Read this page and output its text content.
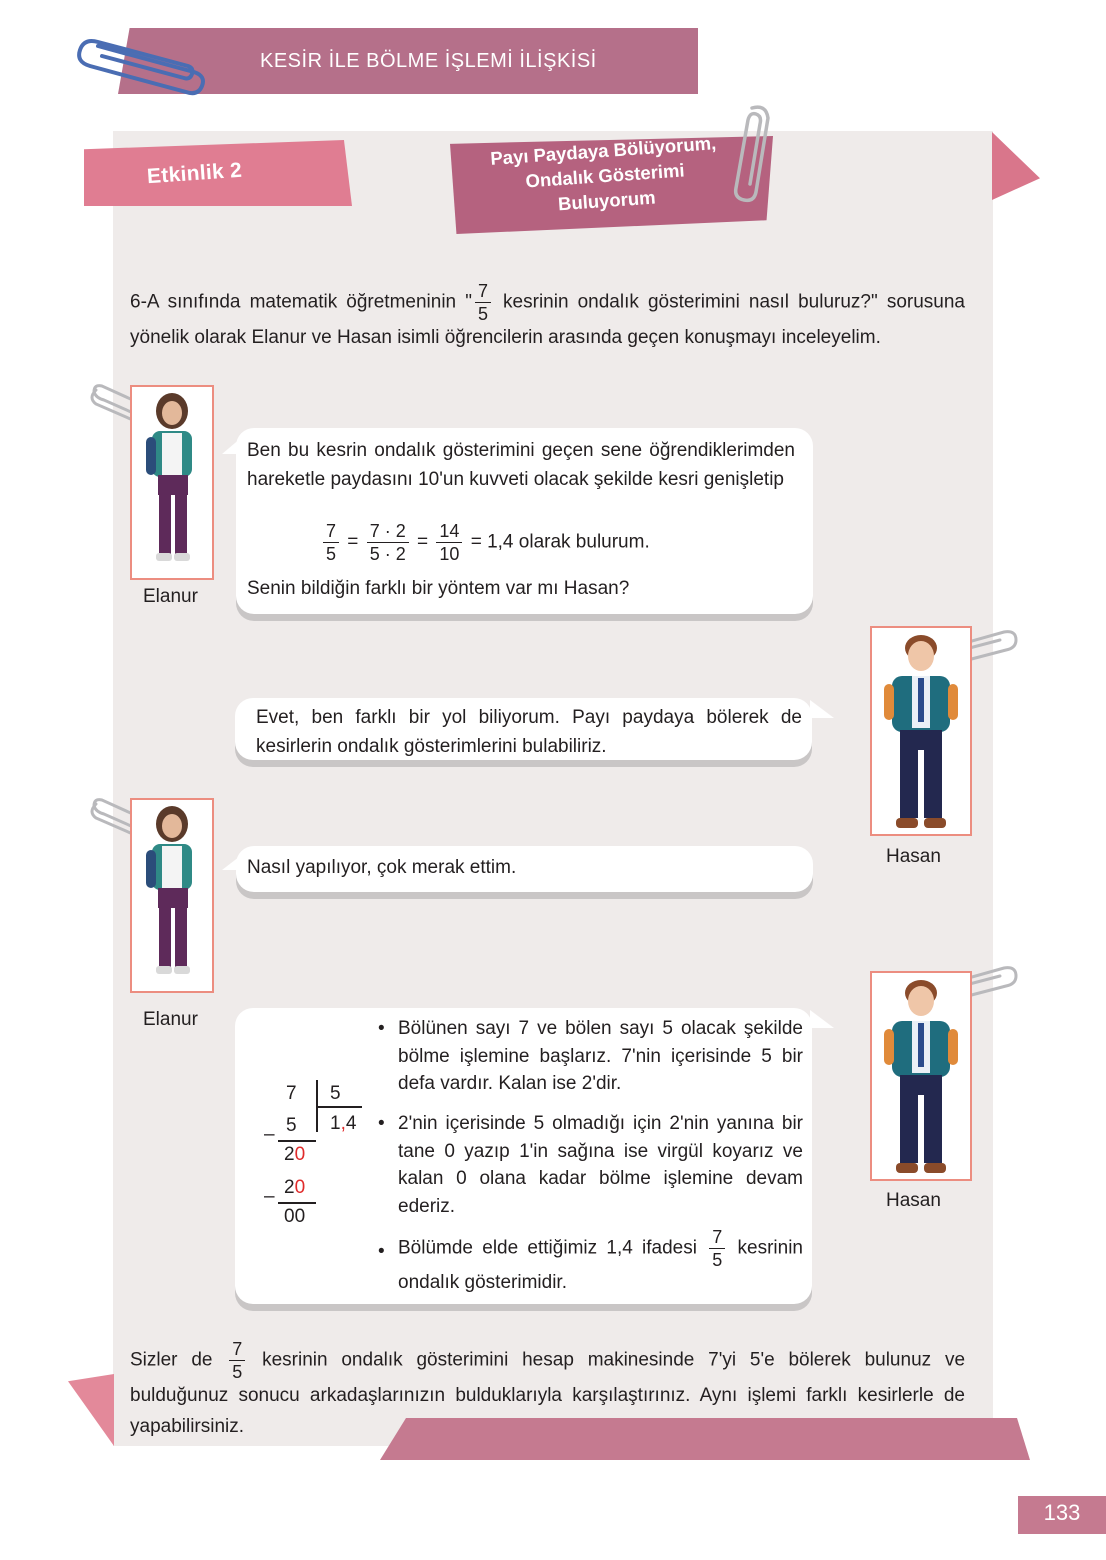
KESİR İLE BÖLME İŞLEMİ İLİŞKİSİ
Etkinlik 2
Payı Paydaya Bölüyorum,
Ondalık Gösterimi
Buluyorum
6-A sınıfında matematik öğretmeninin " $\frac{7}{5}$ kesrinin ondalık gösterimini nasıl buluruz?" sorusuna yönelik olarak Elanur ve Hasan isimli öğrencilerin arasında geçen konuşmayı inceleyelim.
Elanur
Ben bu kesrin ondalık gösterimini geçen sene öğrendiklerimden hareketle paydasını 10'un kuvveti olacak şekilde kesri genişletip
$\frac{7}{5} = \frac{7 \cdot 2}{5 \cdot 2} = \frac{14}{10} = 1,4$ olarak bulurum.
Senin bildiğin farklı bir yöntem var mı Hasan?
Hasan
Evet, ben farklı bir yol biliyorum. Payı paydaya bölerek de kesirlerin ondalık gösterimlerini bulabiliriz.
Elanur
Nasıl yapılıyor, çok merak ettim.
Hasan
7 5
1,4
– 5
20
– 20
00
• Bölünen sayı 7 ve bölen sayı 5 olacak şekilde bölme işlemine başlarız. 7'nin içerisinde 5 bir defa vardır. Kalan ise 2'dir.
• 2'nin içerisinde 5 olmadığı için 2'nin yanına bir tane 0 yazıp 1'in sağına ise virgül koyarız ve kalan 0 olana kadar bölme işlemine devam ederiz.
• Bölümde elde ettiğimiz 1,4 ifadesi $\frac{7}{5}$ kesrinin ondalık gösterimidir.
Sizler de $\frac{7}{5}$ kesrinin ondalık gösterimini hesap makinesinde 7'yi 5'e bölerek bulunuz ve bulduğunuz sonucu arkadaşlarınızın bulduklarıyla karşılaştırınız. Aynı işlemi farklı kesirlerle de yapabilirsiniz.
133
